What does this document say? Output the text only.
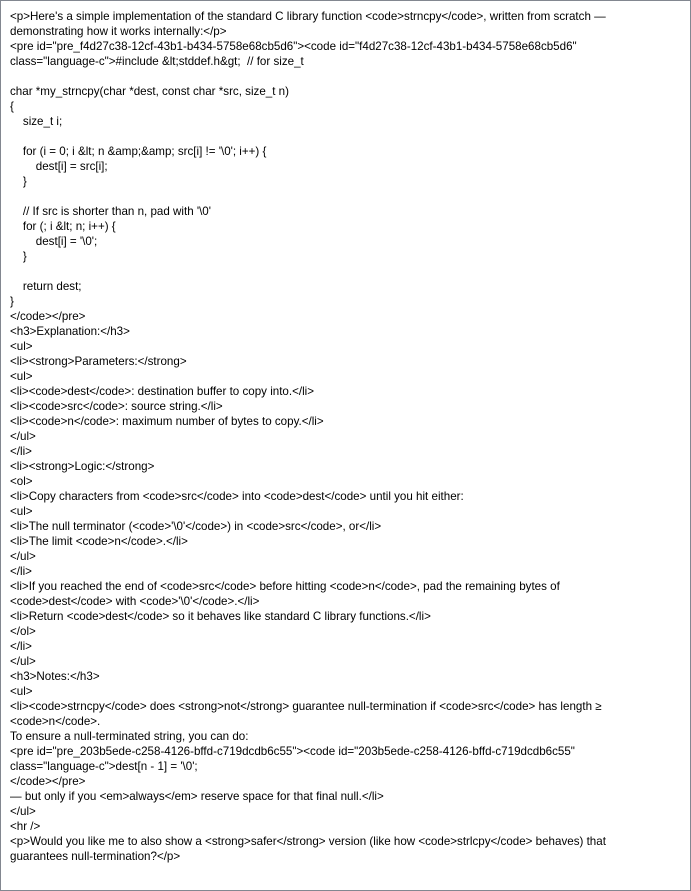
<p>Here's a simple implementation of the standard C library function <code>strncpy</code>, written from scratch —
demonstrating how it works internally:</p>
<pre id="pre_f4d27c38-12cf-43b1-b434-5758e68cb5d6"><code id="f4d27c38-12cf-43b1-b434-5758e68cb5d6"
class="language-c">#include &lt;stddef.h&gt;  // for size_t
char *my_strncpy(char *dest, const char *src, size_t n)
{
size_t i;
for (i = 0; i &lt; n &amp;&amp; src[i] != '\0'; i++) {
dest[i] = src[i];
}
// If src is shorter than n, pad with '\0'
for (; i &lt; n; i++) {
dest[i] = '\0';
}
return dest;
}
</code></pre>
<h3>Explanation:</h3>
<ul>
<li><strong>Parameters:</strong>
<ul>
<li><code>dest</code>: destination buffer to copy into.</li>
<li><code>src</code>: source string.</li>
<li><code>n</code>: maximum number of bytes to copy.</li>
</ul>
</li>
<li><strong>Logic:</strong>
<ol>
<li>Copy characters from <code>src</code> into <code>dest</code> until you hit either:
<ul>
<li>The null terminator (<code>'\0'</code>) in <code>src</code>, or</li>
<li>The limit <code>n</code>.</li>
</ul>
</li>
<li>If you reached the end of <code>src</code> before hitting <code>n</code>, pad the remaining bytes of
<code>dest</code> with <code>'\0'</code>.</li>
<li>Return <code>dest</code> so it behaves like standard C library functions.</li>
</ol>
</li>
</ul>
<h3>Notes:</h3>
<ul>
<li><code>strncpy</code> does <strong>not</strong> guarantee null-termination if <code>src</code> has length ≥
<code>n</code>.
To ensure a null-terminated string, you can do:
<pre id="pre_203b5ede-c258-4126-bffd-c719dcdb6c55"><code id="203b5ede-c258-4126-bffd-c719dcdb6c55"
class="language-c">dest[n - 1] = '\0';
</code></pre>
— but only if you <em>always</em> reserve space for that final null.</li>
</ul>
<hr />
<p>Would you like me to also show a <strong>safer</strong> version (like how <code>strlcpy</code> behaves) that
guarantees null-termination?</p>
